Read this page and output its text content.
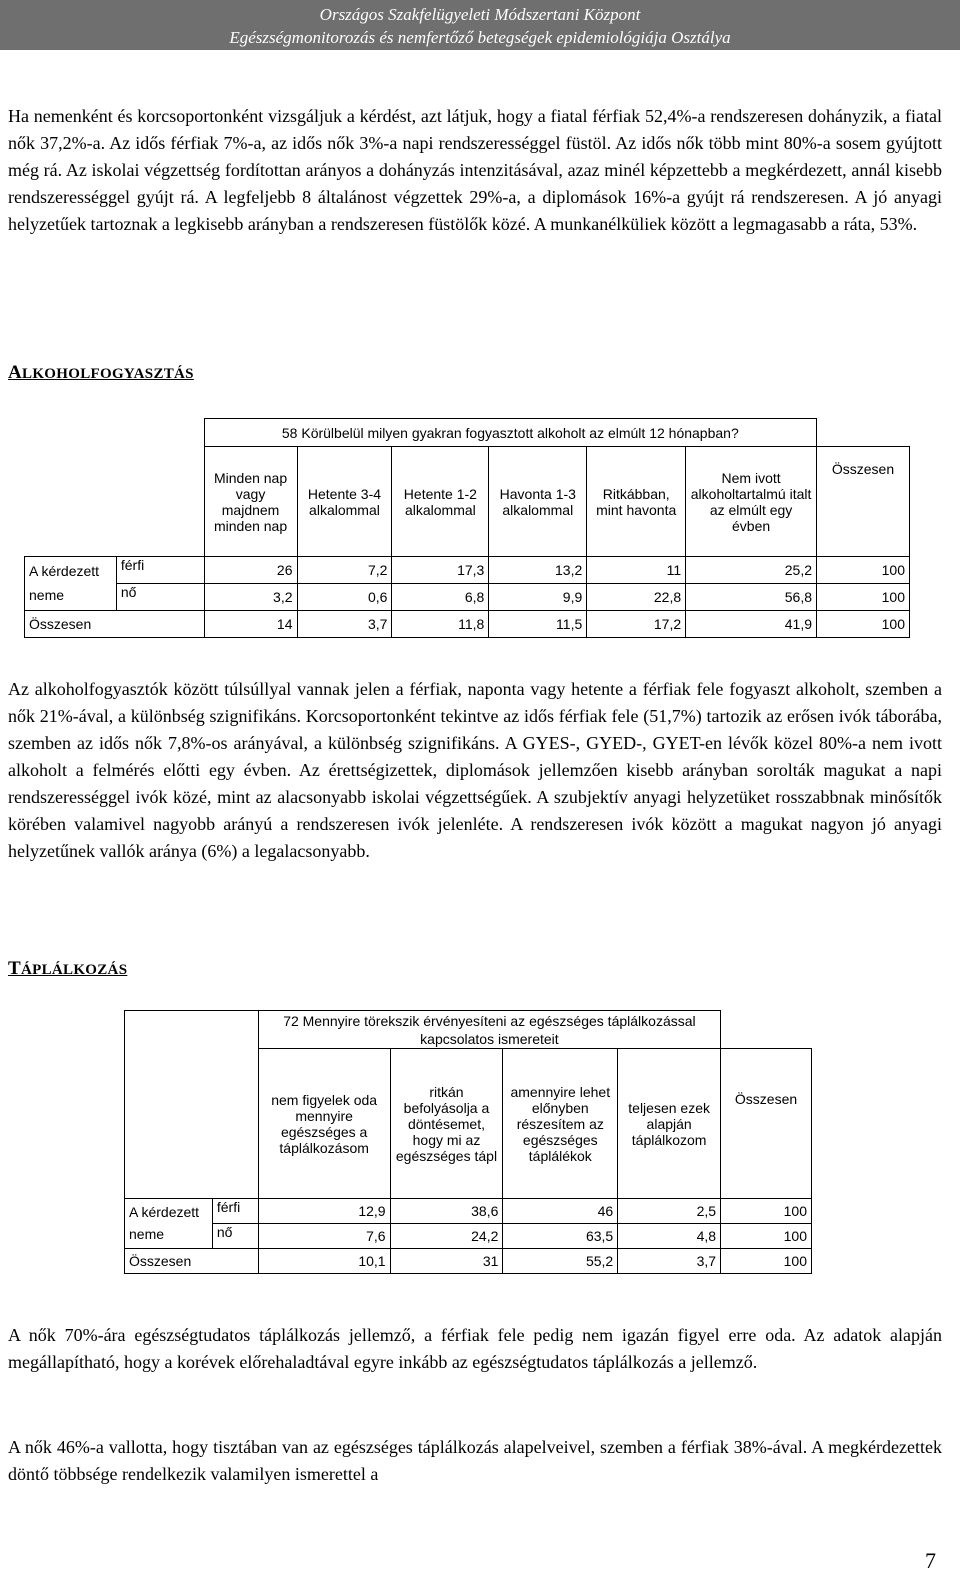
Országos Szakfelügyeleti Módszertani Központ
Egészségmonitorozás és nemfertőző betegségek epidemiológiája Osztálya

Ha nemenként és korcsoportonként vizsgáljuk a kérdést, azt látjuk, hogy a fiatal férfiak 52,4%-a rendszeresen dohányzik, a fiatal nők 37,2%-a. Az idős férfiak 7%-a, az idős nők 3%-a napi rendszerességgel füstöl. Az idős nők több mint 80%-a sosem gyújtott még rá. Az iskolai végzettség fordítottan arányos a dohányzás intenzitásával, azaz minél képzettebb a megkérdezett, annál kisebb rendszerességgel gyújt rá. A legfeljebb 8 általánost végzettek 29%-a, a diplomások 16%-a gyújt rá rendszeresen. A jó anyagi helyzetűek tartoznak a legkisebb arányban a rendszeresen füstölők közé. A munkanélküliek között a legmagasabb a ráta, 53%.

ALKOHOLFOGYASZTÁS
		58 Körülbelül milyen gyakran fogyasztott alkoholt az elmúlt 12 hónapban?						
		Minden nap vagy majdnem minden nap	Hetente 3-4 alkalommal	Hetente 1-2 alkalommal	Havonta 1-3 alkalommal	Ritkábban, mint havonta	Nem ivott alkoholtartalmú italt az elmúlt egy évben	Összesen
A kérdezett neme	férfi	26	7,2	17,3	13,2	11	25,2	100
	nő	3,2	0,6	6,8	9,9	22,8	56,8	100
Összesen		14	3,7	11,8	11,5	17,2	41,9	100

Az alkoholfogyasztók között túlsúllyal vannak jelen a férfiak, naponta vagy hetente a férfiak fele fogyaszt alkoholt, szemben a nők 21%-ával, a különbség szignifikáns. Korcsoportonként tekintve az idős férfiak fele (51,7%) tartozik az erősen ivók táborába, szemben az idős nők 7,8%-os arányával, a különbség szignifikáns. A GYES-, GYED-, GYET-en lévők közel 80%-a nem ivott alkoholt a felmérés előtti egy évben. Az érettségizettek, diplomások jellemzően kisebb arányban sorolták magukat a napi rendszerességgel ivók közé, mint az alacsonyabb iskolai végzettségűek. A szubjektív anyagi helyzetüket rosszabbnak minősítők körében valamivel nagyobb arányú a rendszeresen ivók jelenléte. A rendszeresen ivók között a magukat nagyon jó anyagi helyzetűnek vallók aránya (6%) a legalacsonyabb.

TÁPLÁLKOZÁS
		72 Mennyire törekszik érvényesíteni az egészséges táplálkozással kapcsolatos ismereteit				
		nem figyelek oda mennyire egészséges a táplálkozásom	ritkán befolyásolja a döntésemet, hogy mi az egészséges tápl	amennyire lehet előnyben részesítem az egészséges táplálékok	teljesen ezek alapján táplálkozom	Összesen
A kérdezett neme	férfi	12,9	38,6	46	2,5	100
	nő	7,6	24,2	63,5	4,8	100
Összesen		10,1	31	55,2	3,7	100

A nők 70%-ára egészségtudatos táplálkozás jellemző, a férfiak fele pedig nem igazán figyel erre oda. Az adatok alapján megállapítható, hogy a korévek előrehaladtával egyre inkább az egészségtudatos táplálkozás a jellemző.

A nők 46%-a vallotta, hogy tisztában van az egészséges táplálkozás alapelveivel, szemben a férfiak 38%-ával. A megkérdezettek döntő többsége rendelkezik valamilyen ismerettel a

7
